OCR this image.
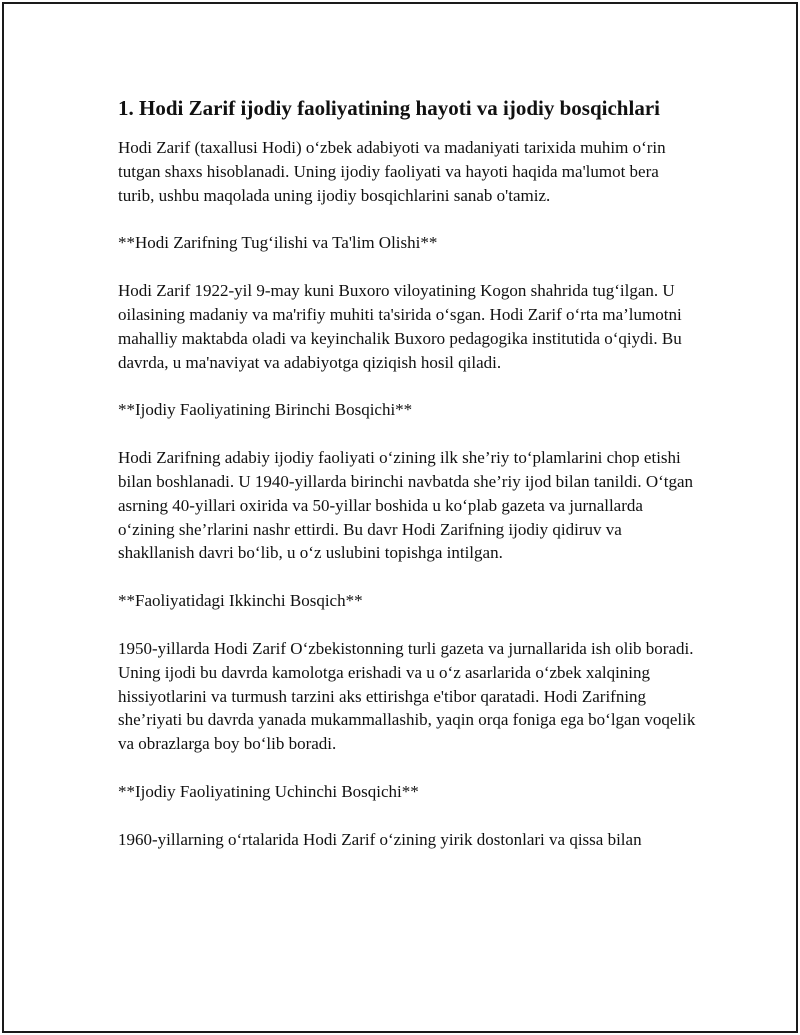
1. Hodi Zarif ijodiy faoliyatining hayoti va ijodiy bosqichlari

Hodi Zarif (taxallusi Hodi) o‘zbek adabiyoti va madaniyati tarixida muhim o‘rin tutgan shaxs hisoblanadi. Uning ijodiy faoliyati va hayoti haqida ma'lumot bera turib, ushbu maqolada uning ijodiy bosqichlarini sanab o'tamiz.

**Hodi Zarifning Tug‘ilishi va Ta'lim Olishi**

Hodi Zarif 1922-yil 9-may kuni Buxoro viloyatining Kogon shahrida tug‘ilgan. U oilasining madaniy va ma'rifiy muhiti ta'sirida o‘sgan. Hodi Zarif o‘rta ma’lumotni mahalliy maktabda oladi va keyinchalik Buxoro pedagogika institutida o‘qiydi. Bu davrda, u ma'naviyat va adabiyotga qiziqish hosil qiladi.

**Ijodiy Faoliyatining Birinchi Bosqichi**

Hodi Zarifning adabiy ijodiy faoliyati o‘zining ilk she’riy to‘plamlarini chop etishi bilan boshlanadi. U 1940-yillarda birinchi navbatda she’riy ijod bilan tanildi. O‘tgan asrning 40-yillari oxirida va 50-yillar boshida u ko‘plab gazeta va jurnallarda o‘zining she’rlarini nashr ettirdi. Bu davr Hodi Zarifning ijodiy qidiruv va shakllanish davri bo‘lib, u o‘z uslubini topishga intilgan.

**Faoliyatidagi Ikkinchi Bosqich**

1950-yillarda Hodi Zarif O‘zbekistonning turli gazeta va jurnallarida ish olib boradi. Uning ijodi bu davrda kamolotga erishadi va u o‘z asarlarida o‘zbek xalqining hissiyotlarini va turmush tarzini aks ettirishga e'tibor qaratadi. Hodi Zarifning she’riyati bu davrda yanada mukammallashib, yaqin orqa foniga ega bo‘lgan voqelik va obrazlarga boy bo‘lib boradi.

**Ijodiy Faoliyatining Uchinchi Bosqichi**

1960-yillarning o‘rtalarida Hodi Zarif o‘zining yirik dostonlari va qissa bilan
